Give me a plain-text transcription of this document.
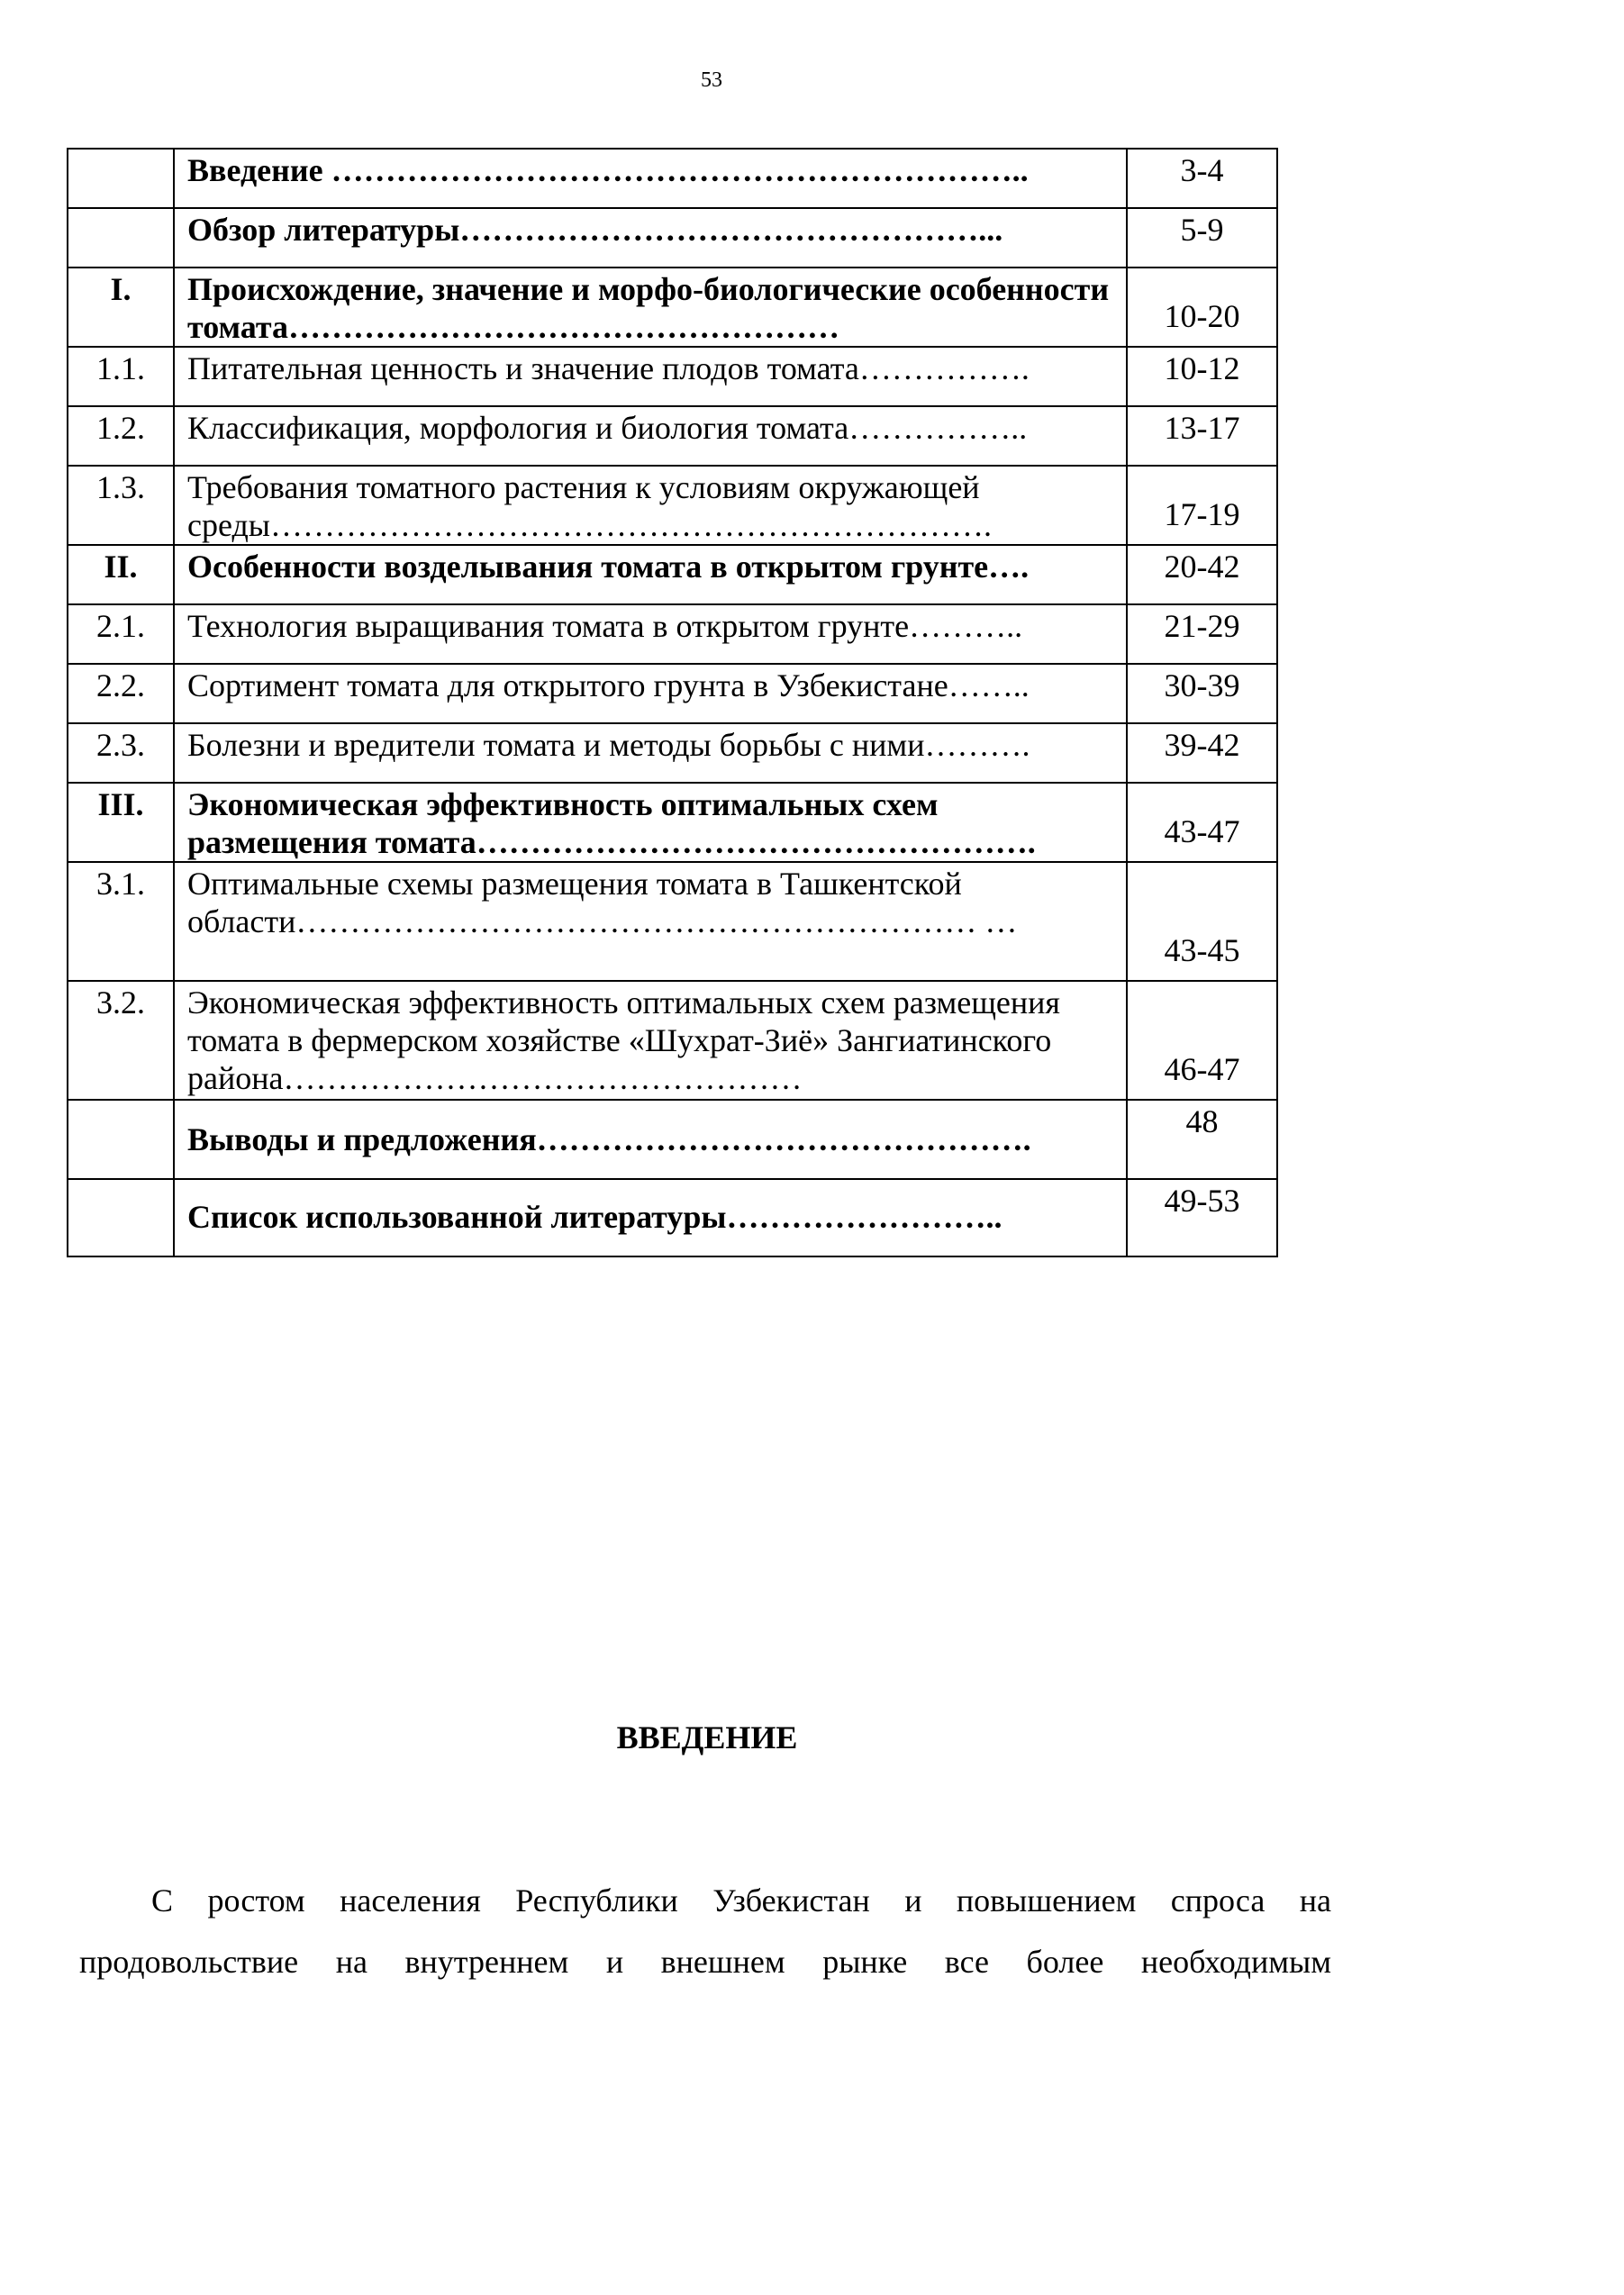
53
	Введение ………………………………………………………..	3-4
	Обзор литературы…………………………………………...	5-9
I.	Происхождение, значение и морфо-биологические особенности томата……………………………………………	10-20
1.1.	Питательная ценность и значение плодов томата…………….	10-12
1.2.	Классификация, морфология и биология томата……………..	13-17
1.3.	Требования томатного растения к условиям окружающей среды………………………………………………………….	17-19
II.	Особенности возделывания томата в открытом грунте….	20-42
2.1.	Технология выращивания томата в открытом грунте………..	21-29
2.2.	Сортимент томата для открытого грунта в Узбекистане……..	30-39
2.3.	Болезни и вредители томата и методы борьбы с ними……….	39-42
III.	Экономическая эффективность оптимальных схем размещения томата…………………………………………….	43-47
3.1.	Оптимальные схемы размещения томата в Ташкентской области……………………………………………………… …	43-45
3.2.	Экономическая эффективность оптимальных схем размещения томата в фермерском хозяйстве «Шухрат-Зиё» Зангиатинского района…………………………………………	46-47

	Выводы и предложения……………………………………….	48

	Список использованной литературы……………………..	49-53
ВВЕДЕНИЕ

С ростом населения Республики Узбекистан и повышением спроса на продовольствие на внутреннем и внешнем рынке все более необходимым
